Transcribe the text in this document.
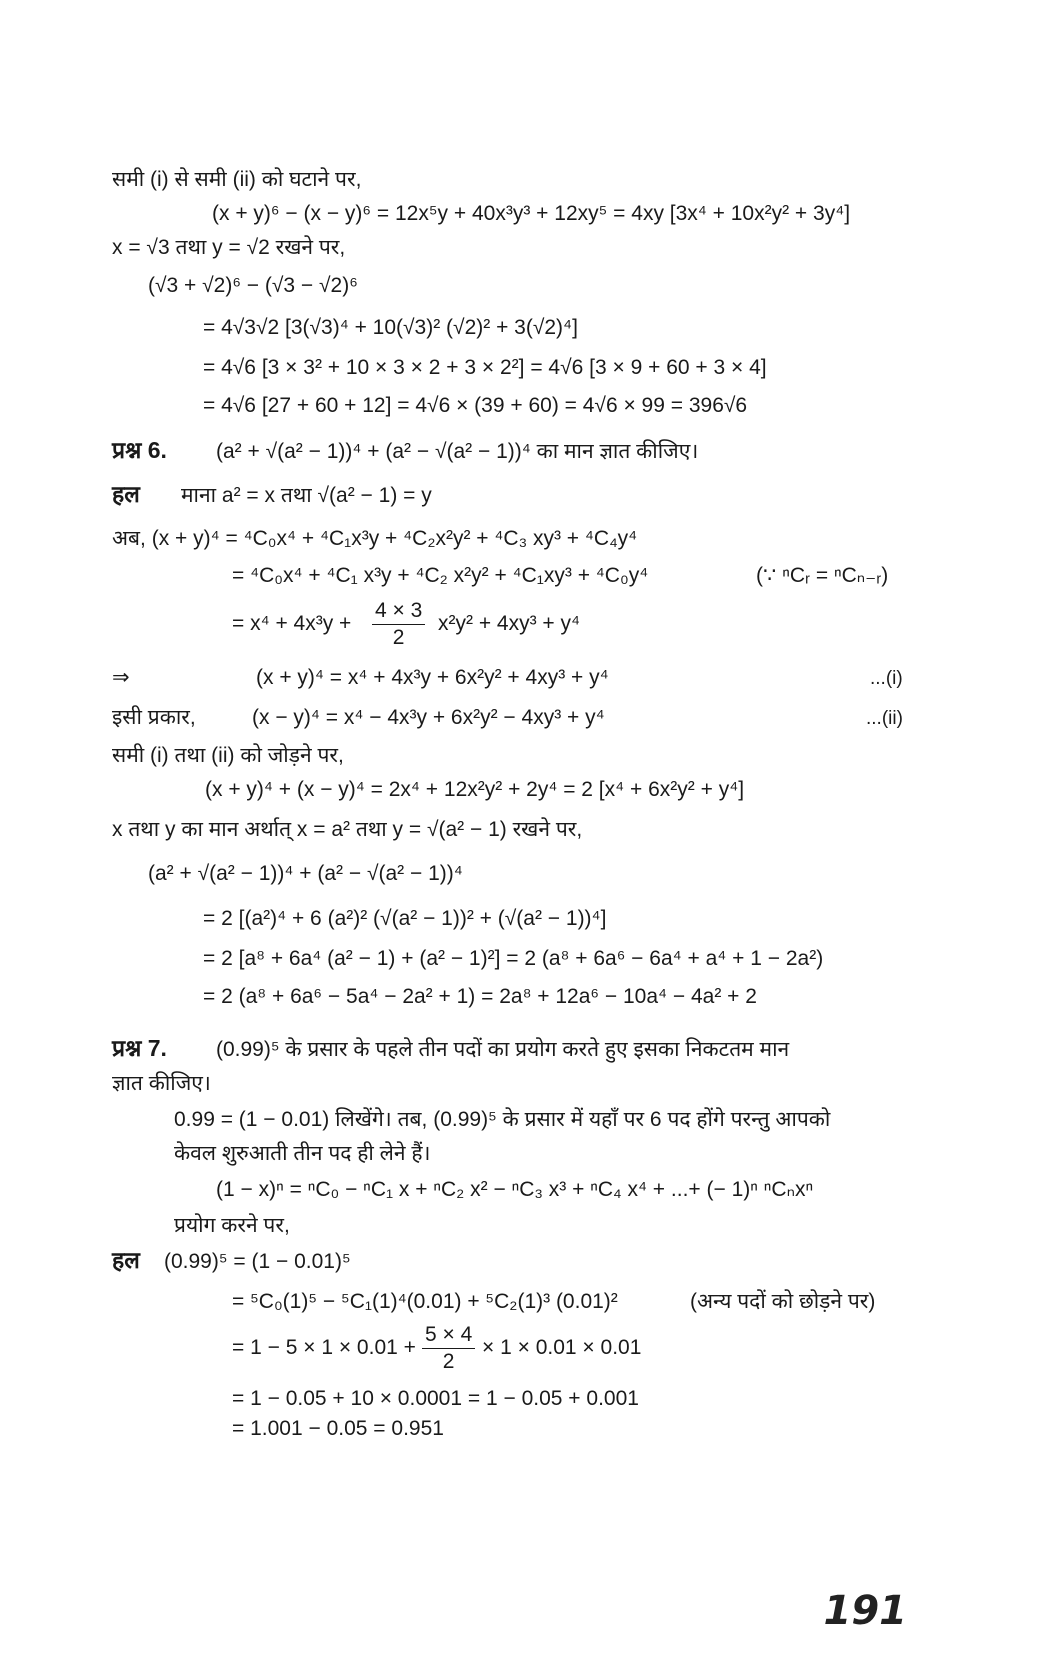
समी (i) से समी (ii) को घटाने पर,
(x + y)⁶ − (x − y)⁶ = 12x⁵y + 40x³y³ + 12xy⁵ = 4xy [3x⁴ + 10x²y² + 3y⁴]
x = √3 तथा y = √2 रखने पर,
(√3 + √2)⁶ − (√3 − √2)⁶
= 4√3√2 [3(√3)⁴ + 10(√3)² (√2)² + 3(√2)⁴]
= 4√6 [3 × 3² + 10 × 3 × 2 + 3 × 2²] = 4√6 [3 × 9 + 60 + 3 × 4]
= 4√6 [27 + 60 + 12] = 4√6 × (39 + 60) = 4√6 × 99 = 396√6
प्रश्न 6. (a² + √(a² − 1))⁴ + (a² − √(a² − 1))⁴ का मान ज्ञात कीजिए।
हल माना a² = x तथा √(a² − 1) = y
अब, (x + y)⁴ = ⁴C₀x⁴ + ⁴C₁x³y + ⁴C₂x²y² + ⁴C₃ xy³ + ⁴C₄y⁴
= ⁴C₀x⁴ + ⁴C₁ x³y + ⁴C₂ x²y² + ⁴C₁xy³ + ⁴C₀y⁴	(∵ ⁿCᵣ = ⁿCₙ₋ᵣ)
= $x^4 + 4x^3y + \frac{4 \times 3}{2} x^2y^2 + 4xy^3 + y^4$
⇒	(x + y)⁴ = x⁴ + 4x³y + 6x²y² + 4xy³ + y⁴	...(i)
इसी प्रकार,	(x − y)⁴ = x⁴ − 4x³y + 6x²y² − 4xy³ + y⁴	...(ii)
समी (i) तथा (ii) को जोड़ने पर,
(x + y)⁴ + (x − y)⁴ = 2x⁴ + 12x²y² + 2y⁴ = 2 [x⁴ + 6x²y² + y⁴]
x तथा y का मान अर्थात् x = a² तथा y = √(a² − 1) रखने पर,
(a² + √(a² − 1))⁴ + (a² − √(a² − 1))⁴
= 2 [(a²)⁴ + 6 (a²)² (√(a² − 1))² + (√(a² − 1))⁴]
= 2 [a⁸ + 6a⁴ (a² − 1) + (a² − 1)²] = 2 (a⁸ + 6a⁶ − 6a⁴ + a⁴ + 1 − 2a²)
= 2 (a⁸ + 6a⁶ − 5a⁴ − 2a² + 1) = 2a⁸ + 12a⁶ − 10a⁴ − 4a² + 2
प्रश्न 7. (0.99)⁵ के प्रसार के पहले तीन पदों का प्रयोग करते हुए इसका निकटतम मान
ज्ञात कीजिए।
0.99 = (1 − 0.01) लिखेंगे। तब, (0.99)⁵ के प्रसार में यहाँ पर 6 पद होंगे परन्तु आपको
केवल शुरुआती तीन पद ही लेने हैं।
(1 − x)ⁿ = ⁿC₀ − ⁿC₁ x + ⁿC₂ x² − ⁿC₃ x³ + ⁿC₄ x⁴ + ...+ (− 1)ⁿ ⁿCₙxⁿ
प्रयोग करने पर,
हल (0.99)⁵ = (1 − 0.01)⁵
= ⁵C₀(1)⁵ − ⁵C₁(1)⁴(0.01) + ⁵C₂(1)³ (0.01)²	(अन्य पदों को छोड़ने पर)
= $1 - 5 \times 1 \times 0.01 + \frac{5 \times 4}{2} \times 1 \times 0.01 \times 0.01$
= 1 − 0.05 + 10 × 0.0001 = 1 − 0.05 + 0.001
= 1.001 − 0.05 = 0.951
191
